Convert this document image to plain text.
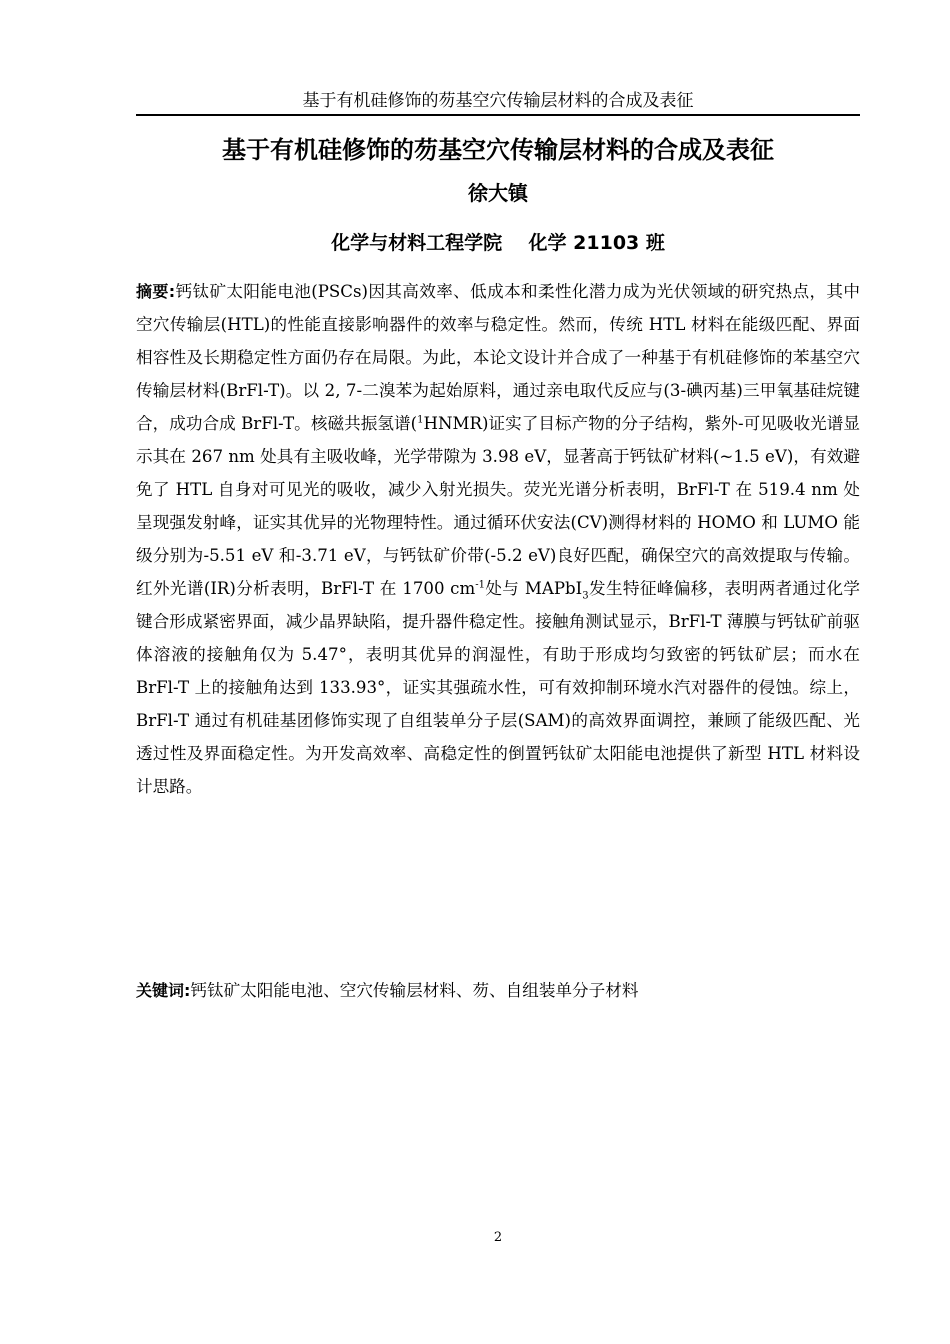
基于有机硅修饰的芴基空穴传输层材料的合成及表征
基于有机硅修饰的芴基空穴传输层材料的合成及表征
徐大镇
化学与材料工程学院    化学 21103 班
摘要:钙钛矿太阳能电池(PSCs)因其高效率、低成本和柔性化潜力成为光伏领域的研究热点，其中空穴传输层(HTL)的性能直接影响器件的效率与稳定性。然而，传统 HTL 材料在能级匹配、界面相容性及长期稳定性方面仍存在局限。为此，本论文设计并合成了一种基于有机硅修饰的苯基空穴传输层材料(BrFl-T)。以 2, 7-二溴苯为起始原料，通过亲电取代反应与(3-碘丙基)三甲氧基硅烷键合，成功合成 BrFl-T。核磁共振氢谱($^1$HNMR)证实了目标产物的分子结构，紫外-可见吸收光谱显示其在 267 nm 处具有主吸收峰，光学带隙为 3.98 eV，显著高于钙钛矿材料(~1.5 eV)，有效避免了 HTL 自身对可见光的吸收，减少入射光损失。荧光光谱分析表明，BrFl-T 在 519.4 nm 处呈现强发射峰，证实其优异的光物理特性。通过循环伏安法(CV)测得材料的 HOMO 和 LUMO 能级分别为-5.51 eV 和-3.71 eV，与钙钛矿价带(-5.2 eV)良好匹配，确保空穴的高效提取与传输。红外光谱(IR)分析表明，BrFl-T 在 1700 $cm^{-1}$处与 MAPbI$_3$发生特征峰偏移，表明两者通过化学键合形成紧密界面，减少晶界缺陷，提升器件稳定性。接触角测试显示，BrFl-T 薄膜与钙钛矿前驱体溶液的接触角仅为 5.47°，表明其优异的润湿性，有助于形成均匀致密的钙钛矿层；而水在 BrFl-T 上的接触角达到 133.93°，证实其强疏水性，可有效抑制环境水汽对器件的侵蚀。综上，BrFl-T 通过有机硅基团修饰实现了自组装单分子层(SAM)的高效界面调控，兼顾了能级匹配、光透过性及界面稳定性。为开发高效率、高稳定性的倒置钙钛矿太阳能电池提供了新型 HTL 材料设计思路。
关键词:钙钛矿太阳能电池、空穴传输层材料、芴、自组装单分子材料
2
